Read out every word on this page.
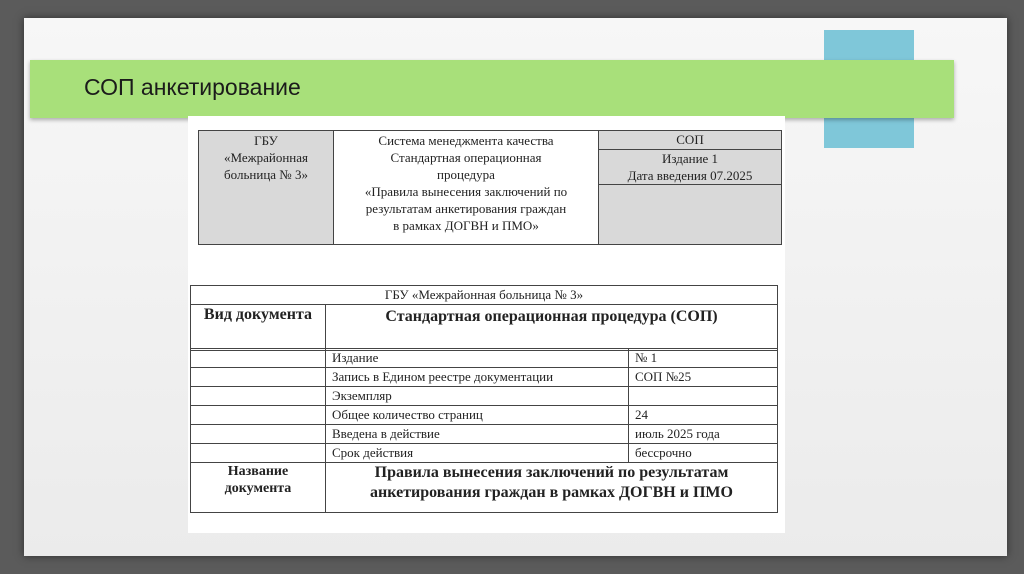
СОП анкетирование
ГБУ
«Межрайонная
больница № 3»

Система менеджмента качества
Стандартная операционная
процедура
«Правила вынесения заключений по
результатам анкетирования граждан
в рамках ДОГВН и ПМО»

СОП
Издание 1
Дата введения 07.2025
ГБУ «Межрайонная больница № 3»
Вид документа	Стандартная операционная процедура (СОП)
	Издание	№ 1
	Запись в Едином реестре документации	СОП №25
	Экземпляр	
	Общее количество страниц	24
	Введена в действие	июль 2025 года
	Срок действия	бессрочно
Название документа	Правила вынесения заключений по результатам анкетирования граждан в рамках ДОГВН и ПМО	
